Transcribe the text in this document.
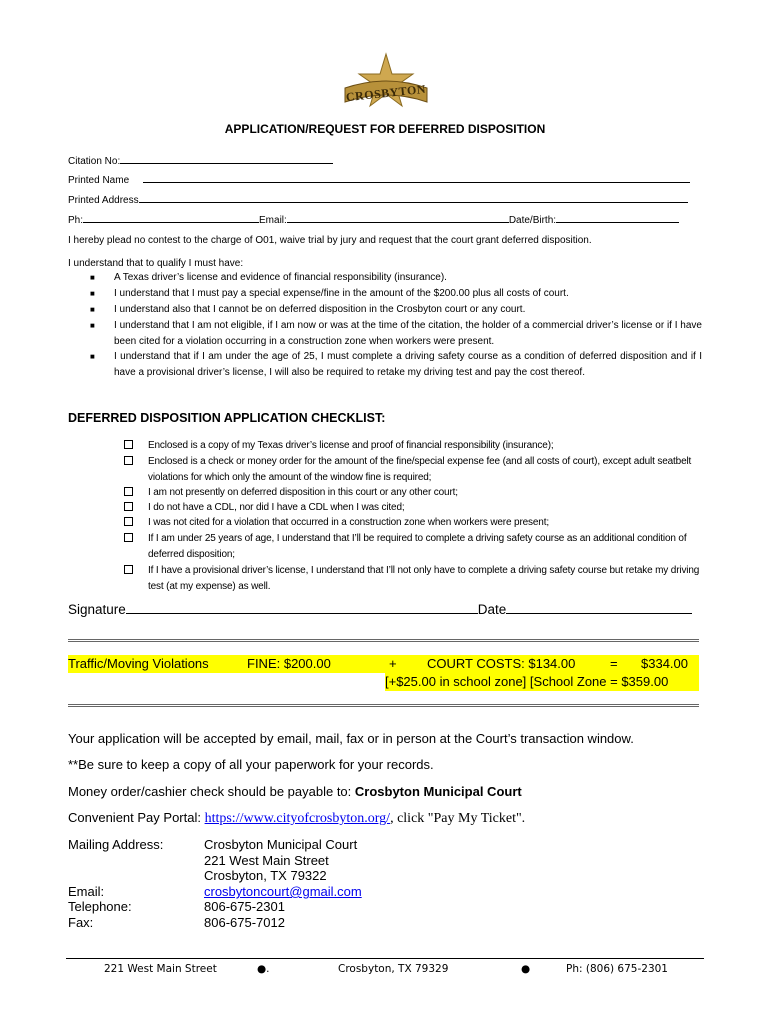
CROSBYTON
APPLICATION/REQUEST FOR DEFERRED DISPOSITION
Citation No:
Printed Name
Printed Address
Ph:	Email:	Date/Birth:
I hereby plead no contest to the charge of O01, waive trial by jury and request that the court grant deferred disposition.
I understand that to qualify I must have:
■ A Texas driver’s license and evidence of financial responsibility (insurance).
■ I understand that I must pay a special expense/fine in the amount of the $200.00 plus all costs of court.
■ I understand also that I cannot be on deferred disposition in the Crosbyton court or any court.
■ I understand that I am not eligible, if I am now or was at the time of the citation, the holder of a commercial driver’s license or if I have been cited for a violation occurring in a construction zone when workers were present.
■ I understand that if I am under the age of 25, I must complete a driving safety course as a condition of deferred disposition and if I have a provisional driver’s license, I will also be required to retake my driving test and pay the cost thereof.
DEFERRED DISPOSITION APPLICATION CHECKLIST:
Enclosed is a copy of my Texas driver’s license and proof of financial responsibility (insurance);
Enclosed is a check or money order for the amount of the fine/special expense fee (and all costs of court), except adult seatbelt violations for which only the amount of the window fine is required;
I am not presently on deferred disposition in this court or any other court;
I do not have a CDL, nor did I have a CDL when I was cited;
I was not cited for a violation that occurred in a construction zone when workers were present;
If I am under 25 years of age, I understand that I’ll be required to complete a driving safety course as an additional condition of deferred disposition;
If I have a provisional driver’s license, I understand that I’ll not only have to complete a driving safety course but retake my driving test (at my expense) as well.
Signature	Date
Traffic/Moving Violations	FINE: $200.00	+ COURT COSTS: $134.00	= $334.00
[+$25.00 in school zone] [School Zone = $359.00
Your application will be accepted by email, mail, fax or in person at the Court’s transaction window.
**Be sure to keep a copy of all your paperwork for your records.
Money order/cashier check should be payable to: Crosbyton Municipal Court
Convenient Pay Portal: https://www.cityofcrosbyton.org/, click "Pay My Ticket".
Mailing Address:	Crosbyton Municipal Court
221 West Main Street
Crosbyton, TX 79322
Email:	crosbytoncourt@gmail.com
Telephone:	806-675-2301
Fax:	806-675-7012
221 West Main Street	●.	Crosbyton, TX 79329	●	Ph: (806) 675-2301
